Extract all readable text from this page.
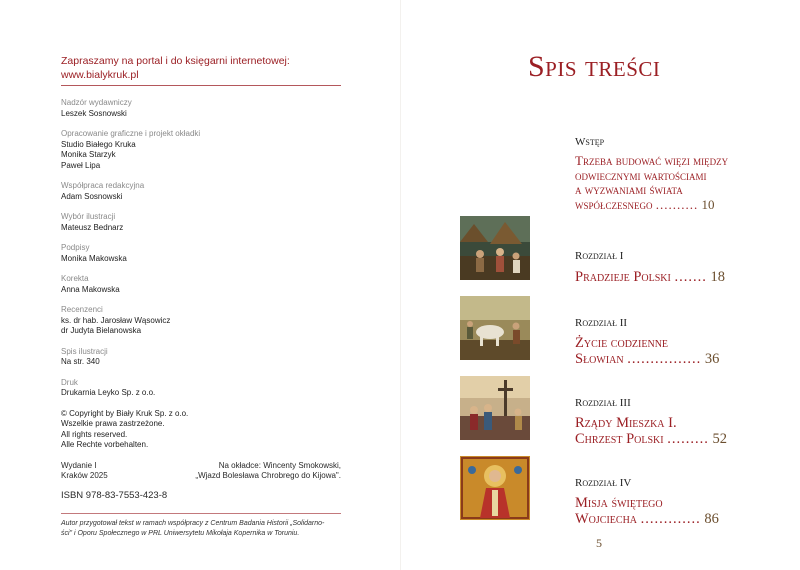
Zapraszamy na portal i do księgarni internetowej:
www.bialykruk.pl
Nadzór wydawniczy
Leszek Sosnowski
Opracowanie graficzne i projekt okładki
Studio Białego Kruka
Monika Starzyk
Paweł Lipa
Współpraca redakcyjna
Adam Sosnowski
Wybór ilustracji
Mateusz Bednarz
Podpisy
Monika Makowska
Korekta
Anna Makowska
Recenzenci
ks. dr hab. Jarosław Wąsowicz
dr Judyta Bielanowska
Spis ilustracji
Na str. 340
Druk
Drukarnia Leyko Sp. z o.o.
© Copyright by Biały Kruk Sp. z o.o.
Wszelkie prawa zastrzeżone.
All rights reserved.
Alle Rechte vorbehalten.
Wydanie I
Kraków 2025
Na okładce: Wincenty Smokowski,
„Wjazd Bolesława Chrobrego do Kijowa".
ISBN 978-83-7553-423-8
Autor przygotował tekst w ramach współpracy z Centrum Badania Historii „Solidarno-
ści" i Oporu Społecznego w PRL Uniwersytetu Mikołaja Kopernika w Toruniu.
Spis treści
Wstęp
Trzeba budować więzi między
odwiecznymi wartościami
a wyzwaniami świata
współczesnego .......... 10
Rozdział I
Pradzieje Polski ....... 18
Rozdział II
Życie codzienne
Słowian ................ 36
Rozdział III
Rządy Mieszka I.
Chrzest Polski ......... 52
Rozdział IV
Misja świętego
Wojciecha ............. 86
5
